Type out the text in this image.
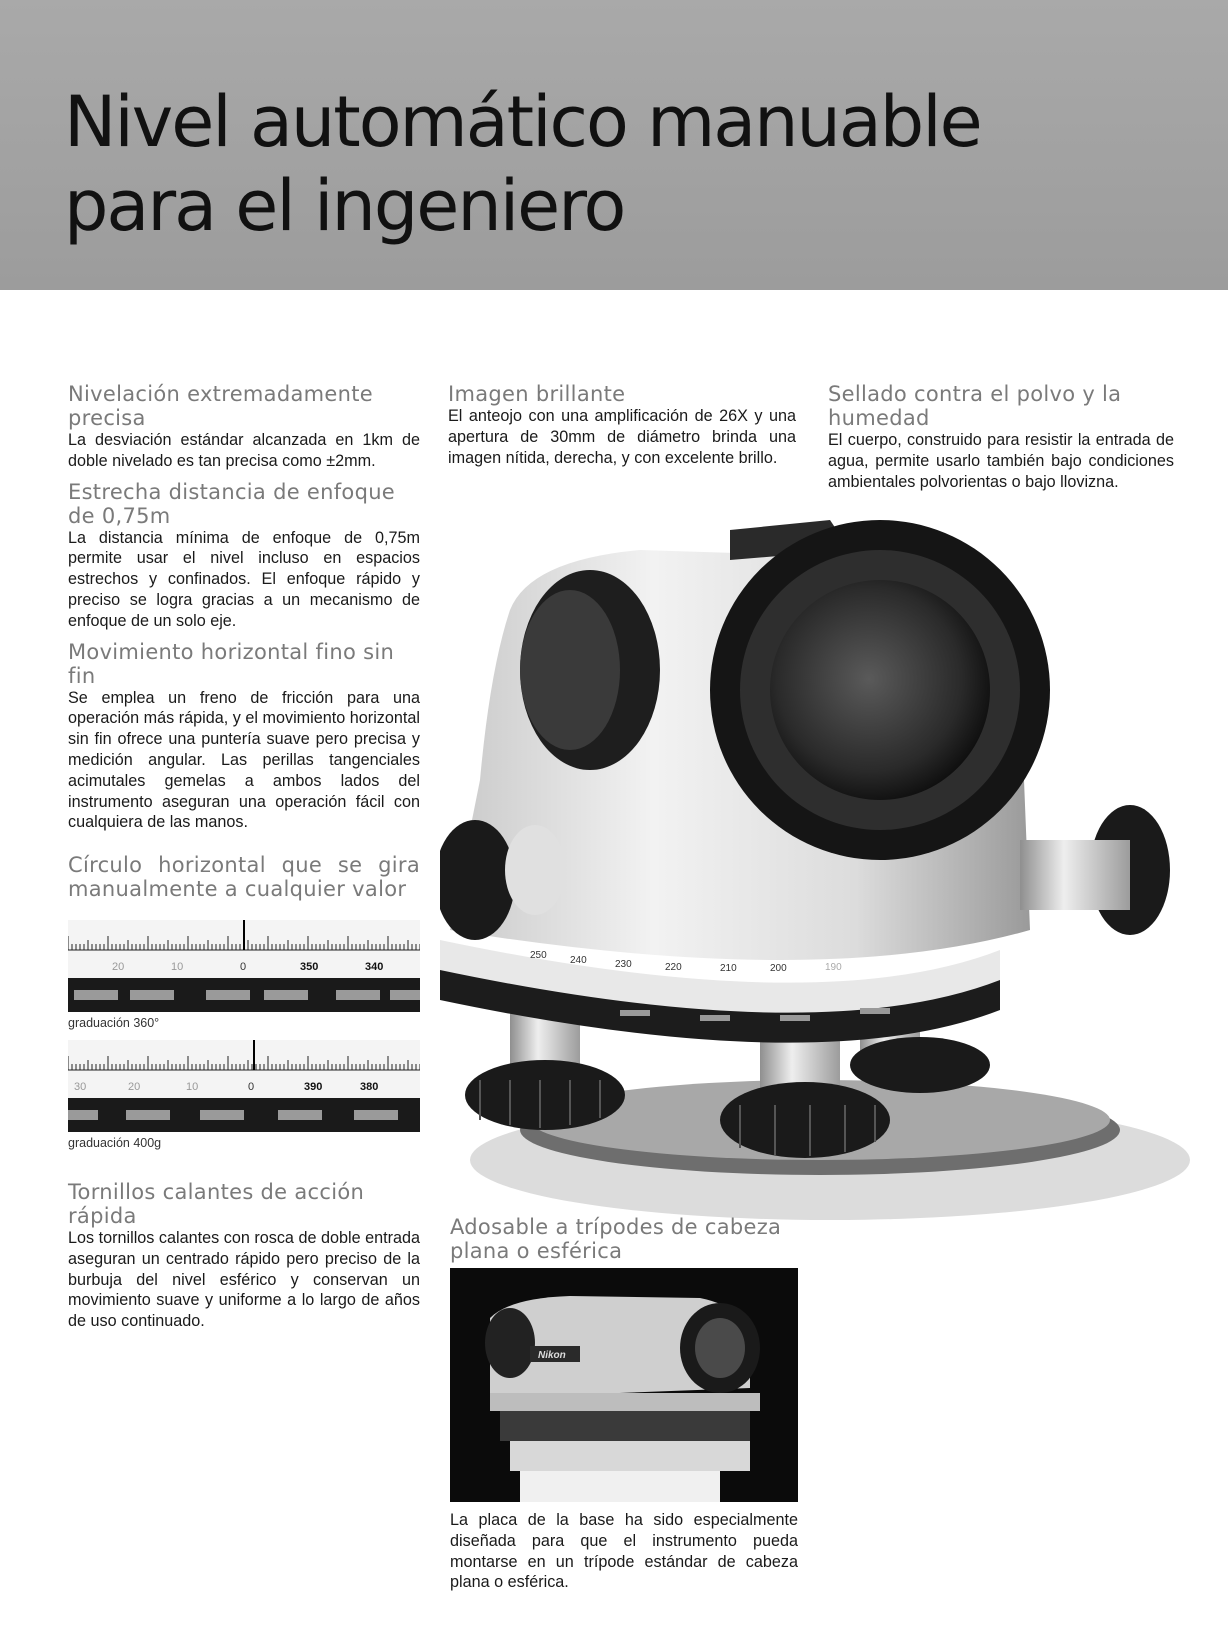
Nivel automático manuable
para el ingeniero
Nivelación extremadamente precisa

La desviación estándar alcanzada en 1km de doble nivelado es tan precisa como ±2mm.

Estrecha distancia de enfoque de 0,75m

La distancia mínima de enfoque de 0,75m permite usar el nivel incluso en espacios estrechos y confinados. El enfoque rápido y preciso se logra gracias a un mecanismo de enfoque de un solo eje.

Movimiento horizontal fino sin fin

Se emplea un freno de fricción para una operación más rápida, y el movimiento horizontal sin fin ofrece una puntería suave pero precisa y medición angular. Las perillas tangenciales acimutales gemelas a ambos lados del instrumento aseguran una operación fácil con cualquiera de las manos.

Círculo horizontal que se gira manualmente a cualquier valor
20	10	0	350	340
graduación 360°
30	20	10	0	390	380
graduación 400g
Tornillos calantes de acción rápida

Los tornillos calantes con rosca de doble entrada aseguran un centrado rápido pero preciso de la burbuja del nivel esférico y conservan un movimiento suave y uniforme a lo largo de años de uso continuado.

Imagen brillante

El anteojo con una amplificación de 26X y una apertura de 30mm de diámetro brinda una imagen nítida, derecha, y con excelente brillo.

Sellado contra el polvo y la humedad

El cuerpo, construido para resistir la entrada de agua, permite usarlo también bajo condiciones ambientales polvorientas o bajo llovizna.

250 240	230	220	210	200	190
Adosable a trípodes de cabeza plana o esférica
Nikon

La placa de la base ha sido especialmente diseñada para que el instrumento pueda montarse en un trípode estándar de cabeza plana o esférica.
